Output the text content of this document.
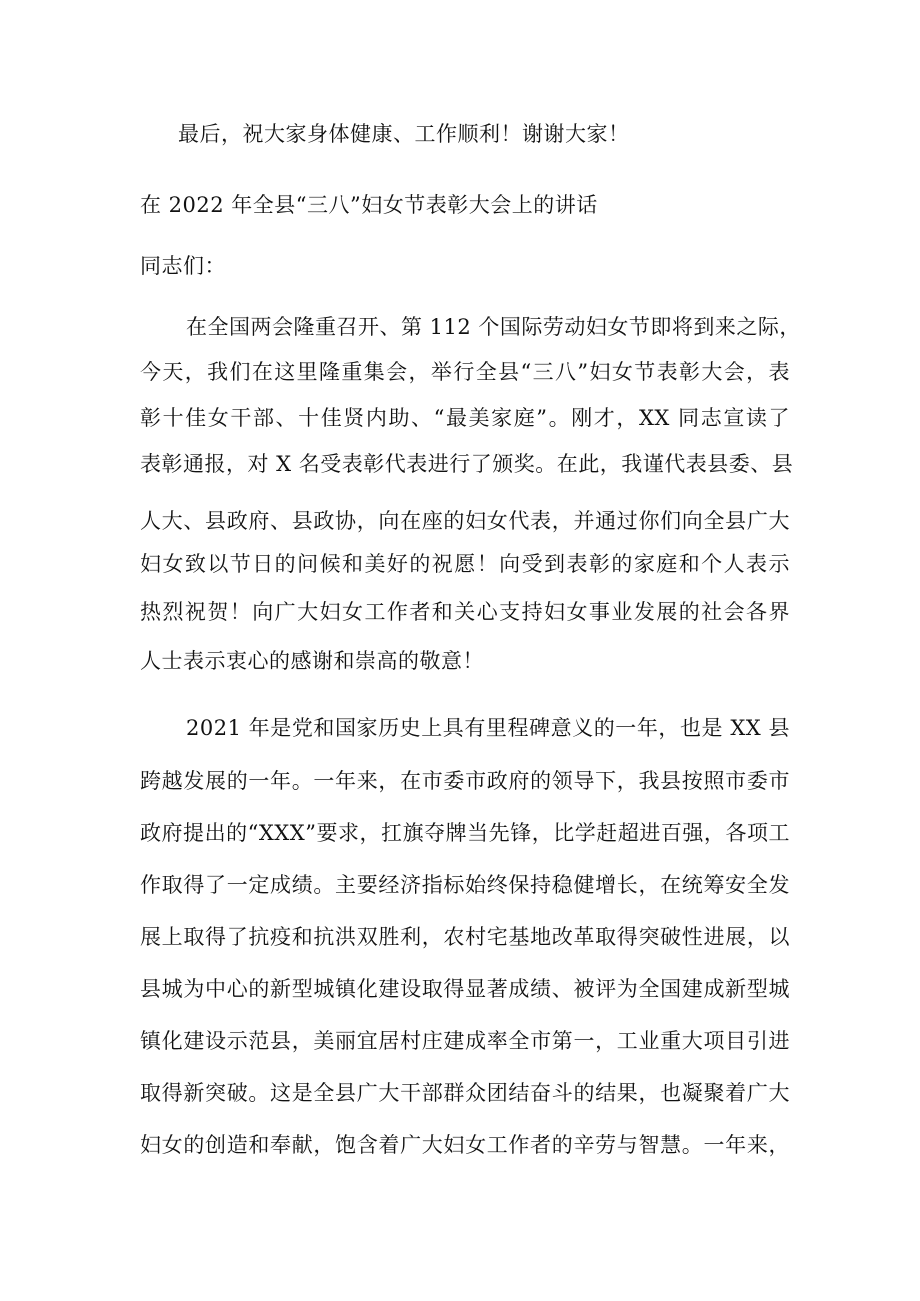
最后，祝大家身体健康、工作顺利！谢谢大家！
在 2022 年全县“三八”妇女节表彰大会上的讲话
同志们：
在全国两会隆重召开、第 112 个国际劳动妇女节即将到来之际，
今天，我们在这里隆重集会，举行全县“三八”妇女节表彰大会，表
彰十佳女干部、十佳贤内助、“最美家庭”。刚才，XX 同志宣读了
表彰通报，对 X 名受表彰代表进行了颁奖。在此，我谨代表县委、县
人大、县政府、县政协，向在座的妇女代表，并通过你们向全县广大
妇女致以节日的问候和美好的祝愿！向受到表彰的家庭和个人表示
热烈祝贺！向广大妇女工作者和关心支持妇女事业发展的社会各界
人士表示衷心的感谢和崇高的敬意！
2021 年是党和国家历史上具有里程碑意义的一年，也是 XX 县
跨越发展的一年。一年来，在市委市政府的领导下，我县按照市委市
政府提出的“XXX”要求，扛旗夺牌当先锋，比学赶超进百强，各项工
作取得了一定成绩。主要经济指标始终保持稳健增长，在统筹安全发
展上取得了抗疫和抗洪双胜利，农村宅基地改革取得突破性进展，以
县城为中心的新型城镇化建设取得显著成绩、被评为全国建成新型城
镇化建设示范县，美丽宜居村庄建成率全市第一，工业重大项目引进
取得新突破。这是全县广大干部群众团结奋斗的结果，也凝聚着广大
妇女的创造和奉献，饱含着广大妇女工作者的辛劳与智慧。一年来，
